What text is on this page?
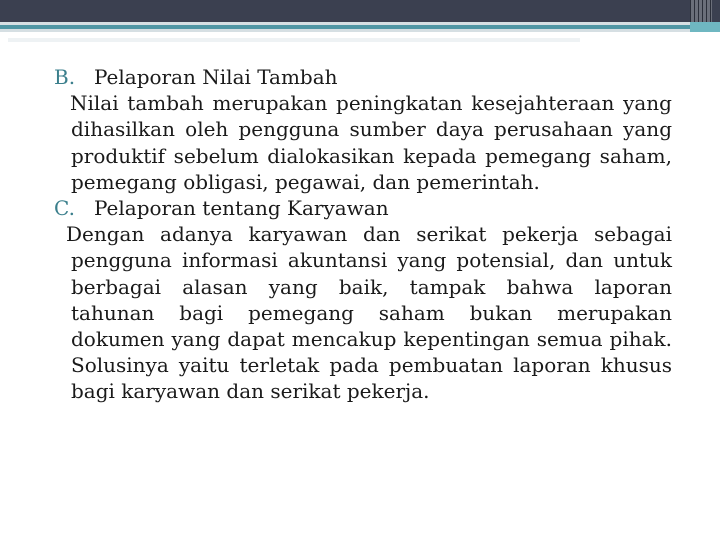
B. Pelaporan Nilai Tambah
Nilai tambah merupakan peningkatan kesejahteraan yang dihasilkan oleh pengguna sumber daya perusahaan yang produktif sebelum dialokasikan kepada pemegang saham, pemegang obligasi, pegawai, dan pemerintah.
C. Pelaporan tentang Karyawan
Dengan adanya karyawan dan serikat pekerja sebagai pengguna informasi akuntansi yang potensial, dan untuk berbagai alasan yang baik, tampak bahwa laporan tahunan bagi pemegang saham bukan merupakan dokumen yang dapat mencakup kepentingan semua pihak. Solusinya yaitu terletak pada pembuatan laporan khusus bagi karyawan dan serikat pekerja.
